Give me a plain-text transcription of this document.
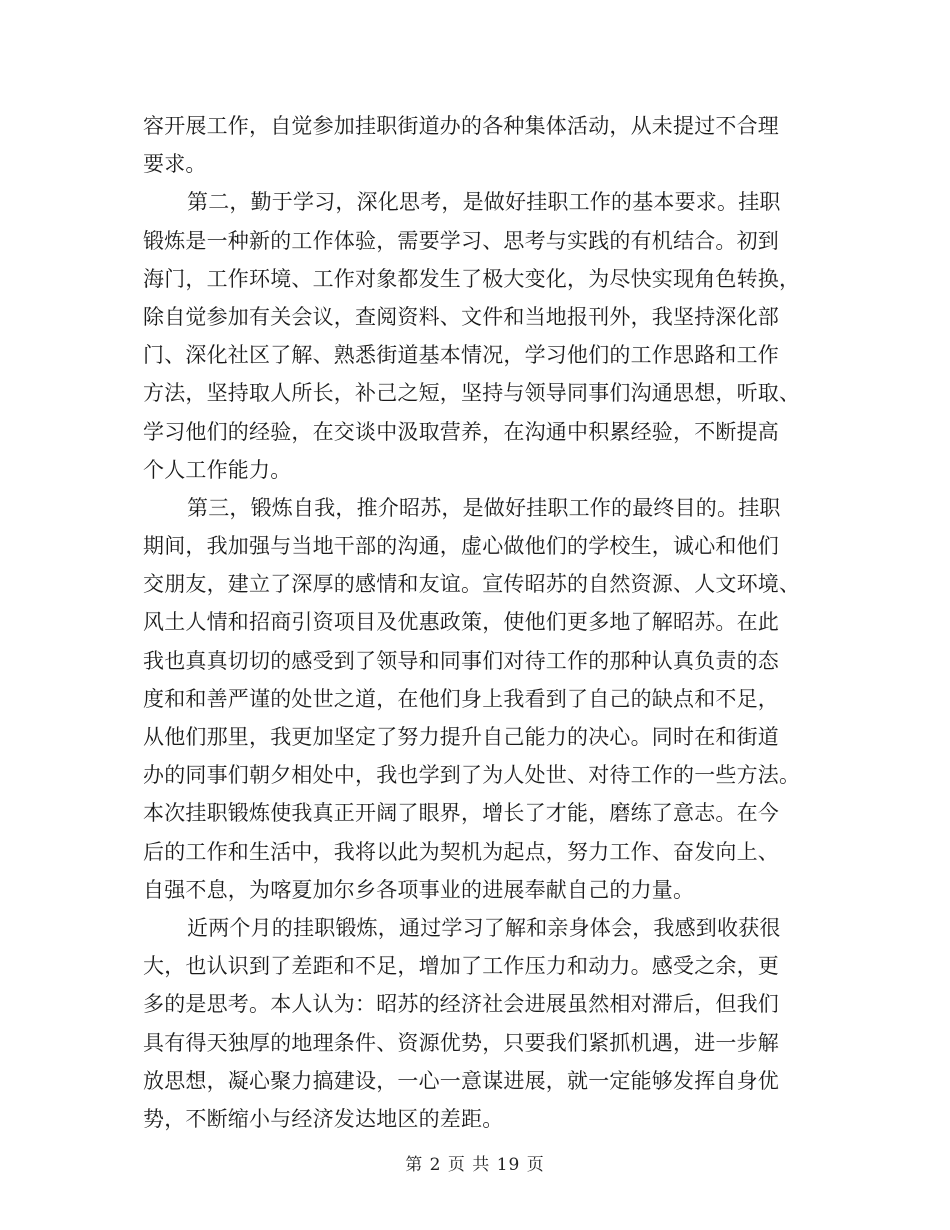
容开展工作，自觉参加挂职街道办的各种集体活动，从未提过不合理
要求。
第二，勤于学习，深化思考，是做好挂职工作的基本要求。挂职
锻炼是一种新的工作体验，需要学习、思考与实践的有机结合。初到
海门，工作环境、工作对象都发生了极大变化，为尽快实现角色转换，
除自觉参加有关会议，查阅资料、文件和当地报刊外，我坚持深化部
门、深化社区了解、熟悉街道基本情况，学习他们的工作思路和工作
方法，坚持取人所长，补己之短，坚持与领导同事们沟通思想，听取、
学习他们的经验，在交谈中汲取营养，在沟通中积累经验，不断提高
个人工作能力。
第三，锻炼自我，推介昭苏，是做好挂职工作的最终目的。挂职
期间，我加强与当地干部的沟通，虚心做他们的学校生，诚心和他们
交朋友，建立了深厚的感情和友谊。宣传昭苏的自然资源、人文环境、
风土人情和招商引资项目及优惠政策，使他们更多地了解昭苏。在此
我也真真切切的感受到了领导和同事们对待工作的那种认真负责的态
度和和善严谨的处世之道，在他们身上我看到了自己的缺点和不足，
从他们那里，我更加坚定了努力提升自己能力的决心。同时在和街道
办的同事们朝夕相处中，我也学到了为人处世、对待工作的一些方法。
本次挂职锻炼使我真正开阔了眼界，增长了才能，磨练了意志。在今
后的工作和生活中，我将以此为契机为起点，努力工作、奋发向上、
自强不息，为喀夏加尔乡各项事业的进展奉献自己的力量。
近两个月的挂职锻炼，通过学习了解和亲身体会，我感到收获很
大，也认识到了差距和不足，增加了工作压力和动力。感受之余，更
多的是思考。本人认为：昭苏的经济社会进展虽然相对滞后，但我们
具有得天独厚的地理条件、资源优势，只要我们紧抓机遇，进一步解
放思想，凝心聚力搞建设，一心一意谋进展，就一定能够发挥自身优
势，不断缩小与经济发达地区的差距。
第 2 页 共 19 页
